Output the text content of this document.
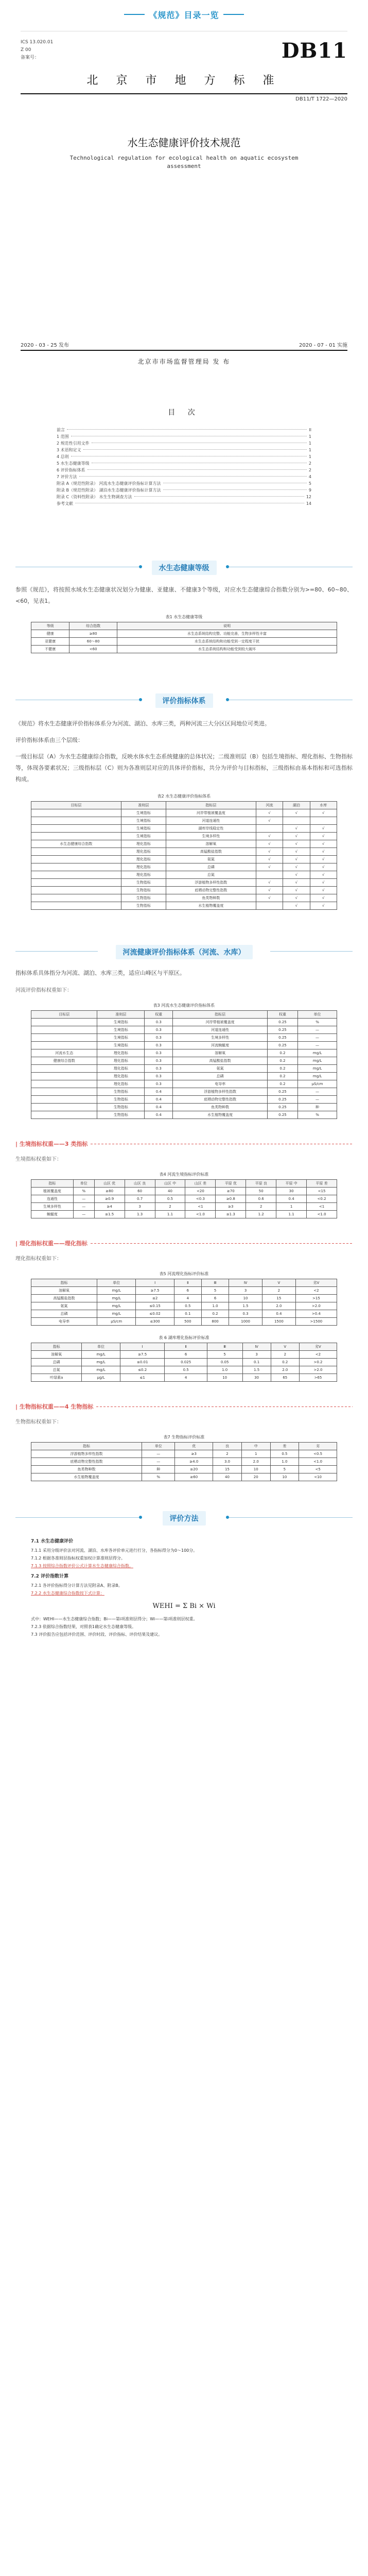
《规范》目录一览
ICS 13.020.01
Z 00
备案号：	DB11
北 京 市 地 方 标 准
DB11/T 1722—2020
水生态健康评价技术规范
Technological regulation for ecological health on aquatic ecosystem assessment
2020 - 03 - 25 发布	2020 - 07 - 01 实施
北京市市场监督管理局 发 布
目 次
前言	II
1 范围	1
2 规范性引用文件	1
3 术语和定义	1
4 总则	1
5 水生态健康等级	2
6 评价指标体系	2
7 评价方法	4
附录 A（规范性附录） 河流水生态健康评价指标计算方法	5
附录 B（规范性附录） 湖泊水生态健康评价指标计算方法	9
附录 C（资料性附录） 水生生物调查方法	12
参考文献	14
水生态健康等级
参照《规范》，将按照水域水生态健康状况划分为健康、亚健康、不健康3个等级，对应水生态健康综合指数分别为>=80、60~80、<60，见表1。
表1 水生态健康等级
等级	综合指数	说明
健康	≥80	水生态系统结构完整、功能完善，生物多样性丰富
亚健康	60～80	水生态系统结构和功能受到一定程度干扰
不健康	<60	水生态系统结构和功能受到较大破坏
评价指标体系
《规范》将水生态健康评价指标体系分为河流、湖泊、水库三类，两种河流三大分区区间地位可类进。
评价指标体系由三个层级：
一级目标层（A）为水生态健康综合指数，反映水体水生态系统健康的总体状况；二级准则层（B）包括生境指标、理化指标、生物指标等，体现各要素状况；三级指标层（C）则为各准则层对应的具体评价指标，共分为评价与目标指标，三级指标由基本指标和可选指标构成。
表2 水生态健康评价指标体系
目标层	准则层	指标层	河流	湖泊	水库
	生境指标	河岸带植被覆盖度	√	√	√
	生境指标	河道连通性	√		
	生境指标	湖库岸线稳定性		√	√
	生境指标	生境多样性	√	√	√
水生态健康综合指数	理化指标	溶解氧	√	√	√
	理化指标	高锰酸盐指数	√	√	√
	理化指标	氨氮	√	√	√
	理化指标	总磷	√	√	√
	理化指标	总氮		√	√
	生物指标	浮游植物多样性指数	√	√	√
	生物指标	底栖动物完整性指数	√	√	√
	生物指标	鱼类物种数	√	√	√
	生物指标	水生植物覆盖度		√	√
河流健康评价指标体系（河流、水库）
指标体系具体指分为河流、湖泊、水库三类，适应山峰区与平原区。
河流评价指标权重如下：
表3 河流水生态健康评价指标体系
目标层	准则层	权重	指标层	权重	单位
	生境指标	0.3	河岸带植被覆盖度	0.25	%
	生境指标	0.3	河道连通性	0.25	—
	生境指标	0.3	生境多样性	0.25	—
	生境指标	0.3	河流蜿蜒度	0.25	—
河流水生态	理化指标	0.3	溶解氧	0.2	mg/L
健康综合指数	理化指标	0.3	高锰酸盐指数	0.2	mg/L
	理化指标	0.3	氨氮	0.2	mg/L
	理化指标	0.3	总磷	0.2	mg/L
	理化指标	0.3	电导率	0.2	μS/cm
	生物指标	0.4	浮游植物多样性指数	0.25	—
	生物指标	0.4	底栖动物完整性指数	0.25	—
	生物指标	0.4	鱼类物种数	0.25	种
	生物指标	0.4	水生植物覆盖度	0.25	%
| 生境指标权重——3 类指标
生境指标权重如下：
表4 河流生境指标评价标准
指标	单位	山区 优	山区 良	山区 中	山区 差	平原 优	平原 良	平原 中	平原 差
植被覆盖度	%	≥80	60	40	<20	≥70	50	30	<15
连通性	—	≥0.9	0.7	0.5	<0.3	≥0.8	0.6	0.4	<0.2
生境多样性	—	≥4	3	2	<1	≥3	2	1	<1
蜿蜒度	—	≥1.5	1.3	1.1	<1.0	≥1.3	1.2	1.1	<1.0
| 理化指标权重——理化指标
理化指标权重如下：
表5 河流理化指标评价标准
指标	单位	Ⅰ	Ⅱ	Ⅲ	Ⅳ	Ⅴ	劣Ⅴ
溶解氧	mg/L	≥7.5	6	5	3	2	<2
高锰酸盐指数	mg/L	≤2	4	6	10	15	>15
氨氮	mg/L	≤0.15	0.5	1.0	1.5	2.0	>2.0
总磷	mg/L	≤0.02	0.1	0.2	0.3	0.4	>0.4
电导率	μS/cm	≤300	500	800	1000	1500	>1500
表 6 湖库理化指标评价标准
指标	单位	Ⅰ	Ⅱ	Ⅲ	Ⅳ	Ⅴ	劣Ⅴ
溶解氧	mg/L	≥7.5	6	5	3	2	<2
总磷	mg/L	≤0.01	0.025	0.05	0.1	0.2	>0.2
总氮	mg/L	≤0.2	0.5	1.0	1.5	2.0	>2.0
叶绿素a	μg/L	≤1	4	10	30	65	>65
| 生物指标权重——4 生物指标
生物指标权重如下：
表7 生物指标评价标准
指标	单位	优	良	中	差	劣
浮游植物多样性指数	—	≥3	2	1	0.5	<0.5
底栖动物完整性指数	—	≥4.0	3.0	2.0	1.0	<1.0
鱼类物种数	种	≥20	15	10	5	<5
水生植物覆盖度	%	≥60	40	20	10	<10
评价方法
7.1 水生态健康评价
7.1.1 采用分级评价法对河流、湖泊、水库各评价单元进行打分，各指标得分为0～100分。
7.1.2 根据各准则层指标权重加权计算准则层得分。
7.1.3 按照综合指数评价公式计算水生态健康综合指数。
7.2 评价指数计算
7.2.1 各评价指标得分计算方法见附录A、附录B。
7.2.2 水生态健康综合指数按下式计算：
WEHI = Σ Bi × Wi
式中：WEHI——水生态健康综合指数；Bi——第i项准则层得分；Wi——第i项准则层权重。
7.2.3 依据综合指数结果，对照表1确定水生态健康等级。
7.3 评价报告应包括评价范围、评价时段、评价指标、评价结果及建议。
